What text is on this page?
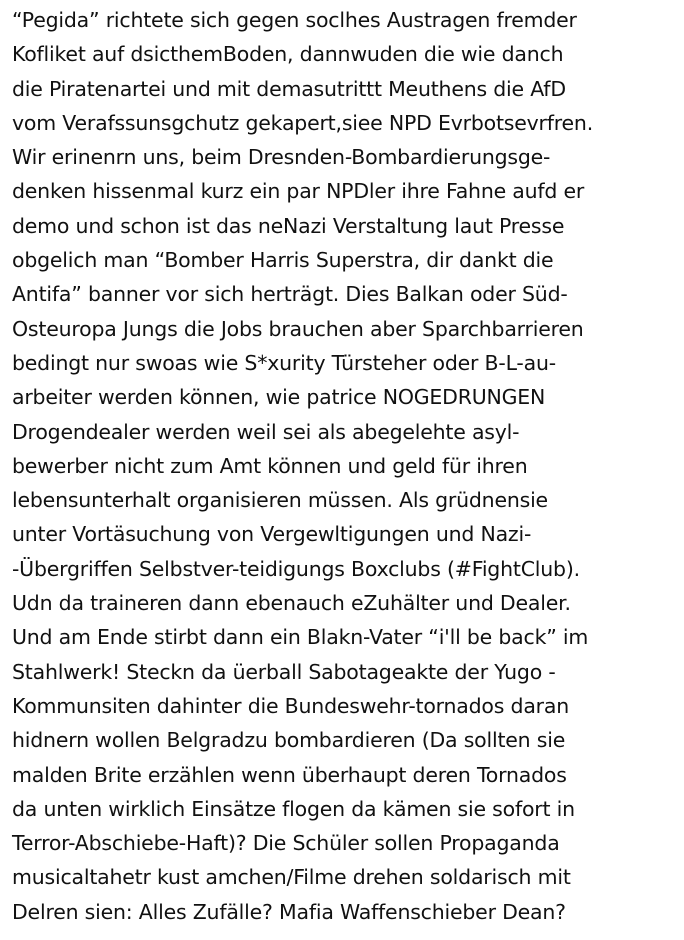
“Pegida” richtete sich gegen soclhes Austragen fremder
Kofliket auf dsicthemBoden, dannwuden die wie danch
die Piratenartei und mit demasutrittt Meuthens die AfD
vom Verafssunsgchutz gekapert,siee NPD Evrbotsevrfren.
Wir erinenrn uns, beim Dresnden-Bombardierungsge-
denken hissenmal kurz ein par NPDler ihre Fahne aufd er
demo und schon ist das neNazi Verstaltung laut Presse
obgelich man “Bomber Harris Superstra, dir dankt die
Antifa” banner vor sich herträgt. Dies Balkan oder Süd-
Osteuropa Jungs die Jobs brauchen aber Sparchbarrieren
bedingt nur swoas wie S*xurity Türsteher oder B-L-au-
arbeiter werden können, wie patrice NOGEDRUNGEN
Drogendealer werden weil sei als abegelehte asyl-
bewerber nicht zum Amt können und geld für ihren
lebensunterhalt organisieren müssen. Als grüdnensie
unter Vortäsuchung von Vergewltigungen und Nazi-
-Übergriffen Selbstver-teidigungs Boxclubs (#FightClub).
Udn da traineren dann ebenauch eZuhälter und Dealer.
Und am Ende stirbt dann ein Blakn-Vater “i'll be back” im
Stahlwerk! Steckn da üerball Sabotageakte der Yugo -
Kommunsiten dahinter die Bundeswehr-tornados daran
hidnern wollen Belgradzu bombardieren (Da sollten sie
malden Brite erzählen wenn überhaupt deren Tornados
da unten wirklich Einsätze flogen da kämen sie sofort in
Terror-Abschiebe-Haft)? Die Schüler sollen Propaganda
musicaltahetr kust amchen/Filme drehen soldarisch mit
Delren sien: Alles Zufälle? Mafia Waffenschieber Dean?
